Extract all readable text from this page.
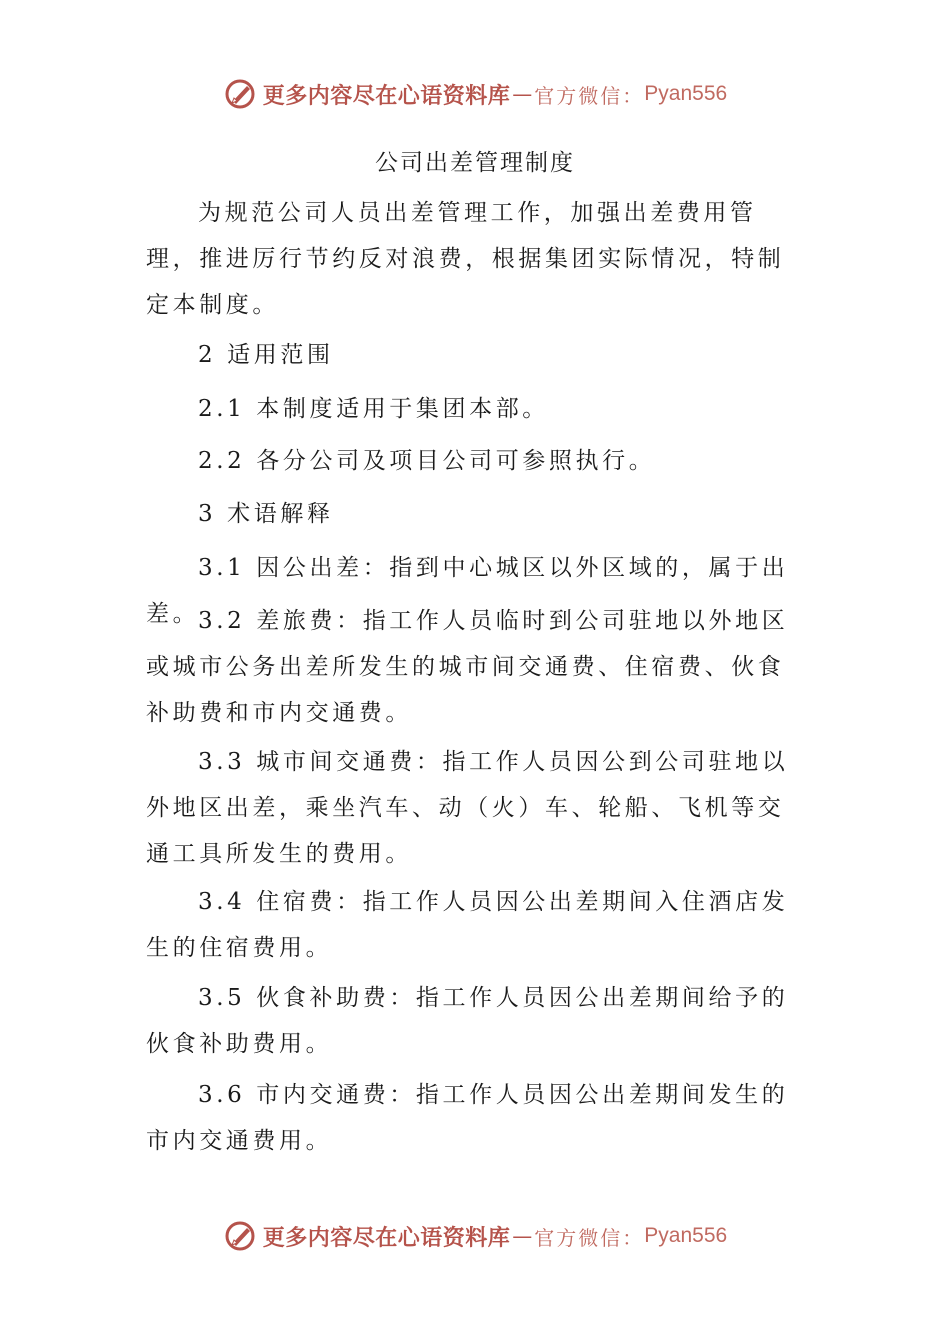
更多内容尽在心语资料库 — 官方微信： Pyan556
公司出差管理制度

为规范公司人员出差管理工作，加强出差费用管理，推进厉行节约反对浪费，根据集团实际情况，特制定本制度。

2 适用范围

2.1 本制度适用于集团本部。

2.2 各分公司及项目公司可参照执行。

3 术语解释

3.1 因公出差：指到中心城区以外区域的，属于出差。

3.2 差旅费：指工作人员临时到公司驻地以外地区或城市公务出差所发生的城市间交通费、住宿费、伙食补助费和市内交通费。

3.3 城市间交通费：指工作人员因公到公司驻地以外地区出差，乘坐汽车、动（火）车、轮船、飞机等交通工具所发生的费用。

3.4 住宿费：指工作人员因公出差期间入住酒店发生的住宿费用。

3.5 伙食补助费：指工作人员因公出差期间给予的伙食补助费用。

3.6 市内交通费：指工作人员因公出差期间发生的市内交通费用。

更多内容尽在心语资料库 — 官方微信： Pyan556
